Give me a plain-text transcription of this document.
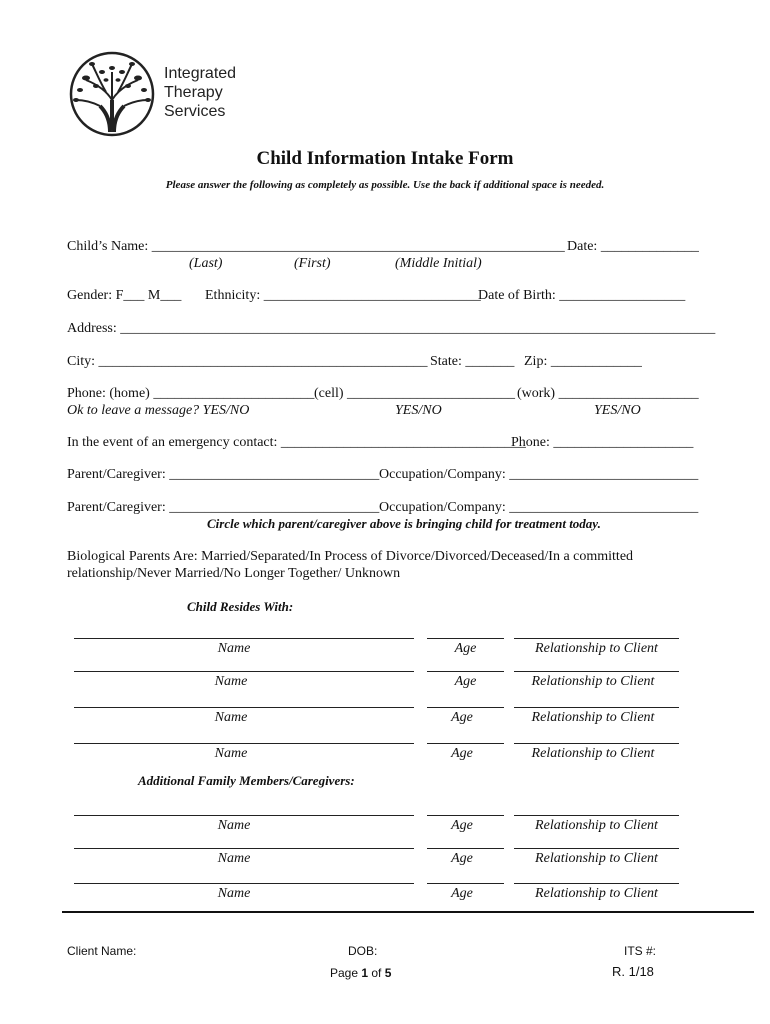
Integrated
Therapy
Services
Child Information Intake Form
Please answer the following as completely as possible. Use the back if additional space is needed.
Child’s Name: ___________________________________________________________ Date: ______________
(Last)	(First)	(Middle Initial)
Gender: F___ M___ Ethnicity: _______________________________
Date of Birth: __________________
Address: _____________________________________________________________________________________
City: _______________________________________________ State: _______ Zip: _____________
Phone: (home) _______________________ (cell) ________________________ (work) ____________________
Ok to leave a message? YES/NO	YES/NO	YES/NO
In the event of an emergency contact: ___________________________________
Phone: ____________________
Parent/Caregiver: ______________________________ Occupation/Company: ___________________________
Parent/Caregiver: ______________________________ Occupation/Company: ___________________________
Circle which parent/caregiver above is bringing child for treatment today.
Biological Parents Are: Married/Separated/In Process of Divorce/Divorced/Deceased/In a committed
relationship/Never Married/No Longer Together/ Unknown
Child Resides With:
Name	Age	Relationship to Client
Name	Age	Relationship to Client
Name	Age	Relationship to Client
Name	Age	Relationship to Client
Additional Family Members/Caregivers:
Name	Age	Relationship to Client
Name	Age	Relationship to Client
Name	Age	Relationship to Client
Client Name:	DOB:	ITS #:
Page 1 of 5	R. 1/18
